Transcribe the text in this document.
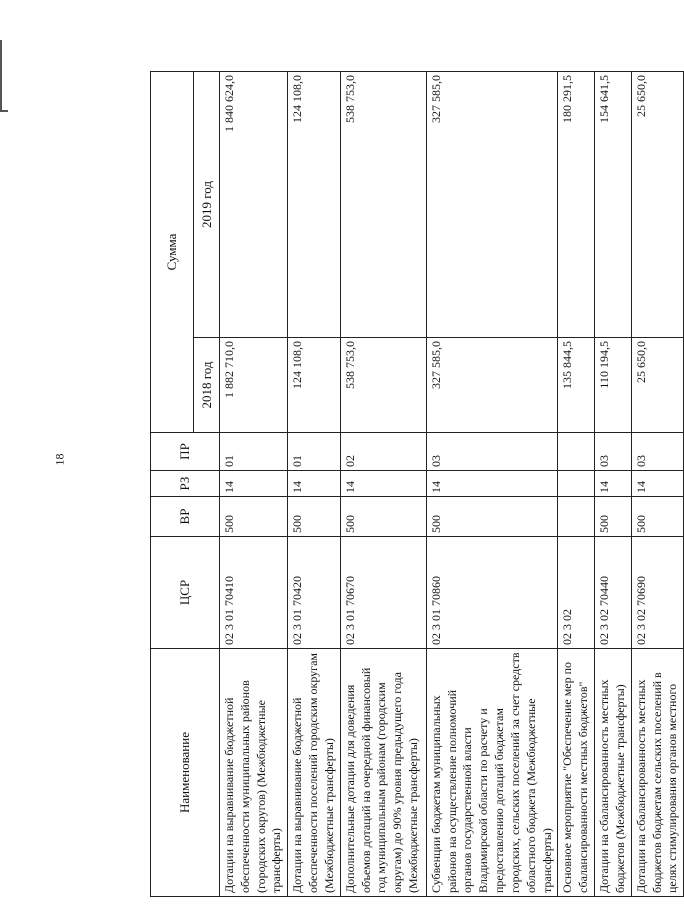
18
Наименование	ЦСР	ВР	РЗ	ПР	Сумма	
					2018 год	2019 год
Дотации на выравнивание бюджетной обеспеченности муниципальных районов (городских округов) (Межбюджетные трансферты)	02 3 01 70410	500	14	01	1 882 710,0	1 840 624,0
Дотации на выравнивание бюджетной обеспеченности поселений городским округам (Межбюджетные трансферты)	02 3 01 70420	500	14	01	124 108,0	124 108,0
Дополнительные дотации для доведения объемов дотаций на очередной финансовый год муниципальным районам (городским округам) до 90% уровня предыдущего года (Межбюджетные трансферты)	02 3 01 70670	500	14	02	538 753,0	538 753,0
Субвенции бюджетам муниципальных районов на осуществление полномочий органов государственной власти Владимирской области по расчету и предоставлению дотаций бюджетам городских, сельских поселений за счет средств областного бюджета (Межбюджетные трансферты)	02 3 01 70860	500	14	03	327 585,0	327 585,0
Основное мероприятие "Обеспечение мер по сбалансированности местных бюджетов"	02 3 02				135 844,5	180 291,5
Дотации на сбалансированность местных бюджетов (Межбюджетные трансферты)	02 3 02 70440	500	14	03	110 194,5	154 641,5
Дотации на сбалансированность местных бюджетов бюджетам сельских поселений в целях стимулирования органов местного	02 3 02 70690	500	14	03	25 650,0	25 650,0
